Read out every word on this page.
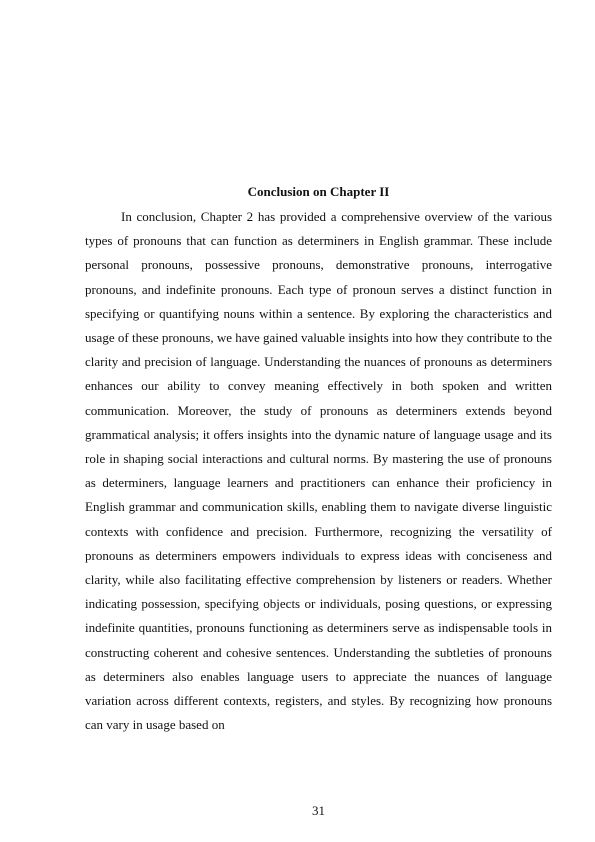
Conclusion on Chapter II

In conclusion, Chapter 2 has provided a comprehensive overview of the various types of pronouns that can function as determiners in English grammar. These include personal pronouns, possessive pronouns, demonstrative pronouns, interrogative pronouns, and indefinite pronouns. Each type of pronoun serves a distinct function in specifying or quantifying nouns within a sentence. By exploring the characteristics and usage of these pronouns, we have gained valuable insights into how they contribute to the clarity and precision of language. Understanding the nuances of pronouns as determiners enhances our ability to convey meaning effectively in both spoken and written communication. Moreover, the study of pronouns as determiners extends beyond grammatical analysis; it offers insights into the dynamic nature of language usage and its role in shaping social interactions and cultural norms. By mastering the use of pronouns as determiners, language learners and practitioners can enhance their proficiency in English grammar and communication skills, enabling them to navigate diverse linguistic contexts with confidence and precision. Furthermore, recognizing the versatility of pronouns as determiners empowers individuals to express ideas with conciseness and clarity, while also facilitating effective comprehension by listeners or readers. Whether indicating possession, specifying objects or individuals, posing questions, or expressing indefinite quantities, pronouns functioning as determiners serve as indispensable tools in constructing coherent and cohesive sentences. Understanding the subtleties of pronouns as determiners also enables language users to appreciate the nuances of language variation across different contexts, registers, and styles. By recognizing how pronouns can vary in usage based on

31
